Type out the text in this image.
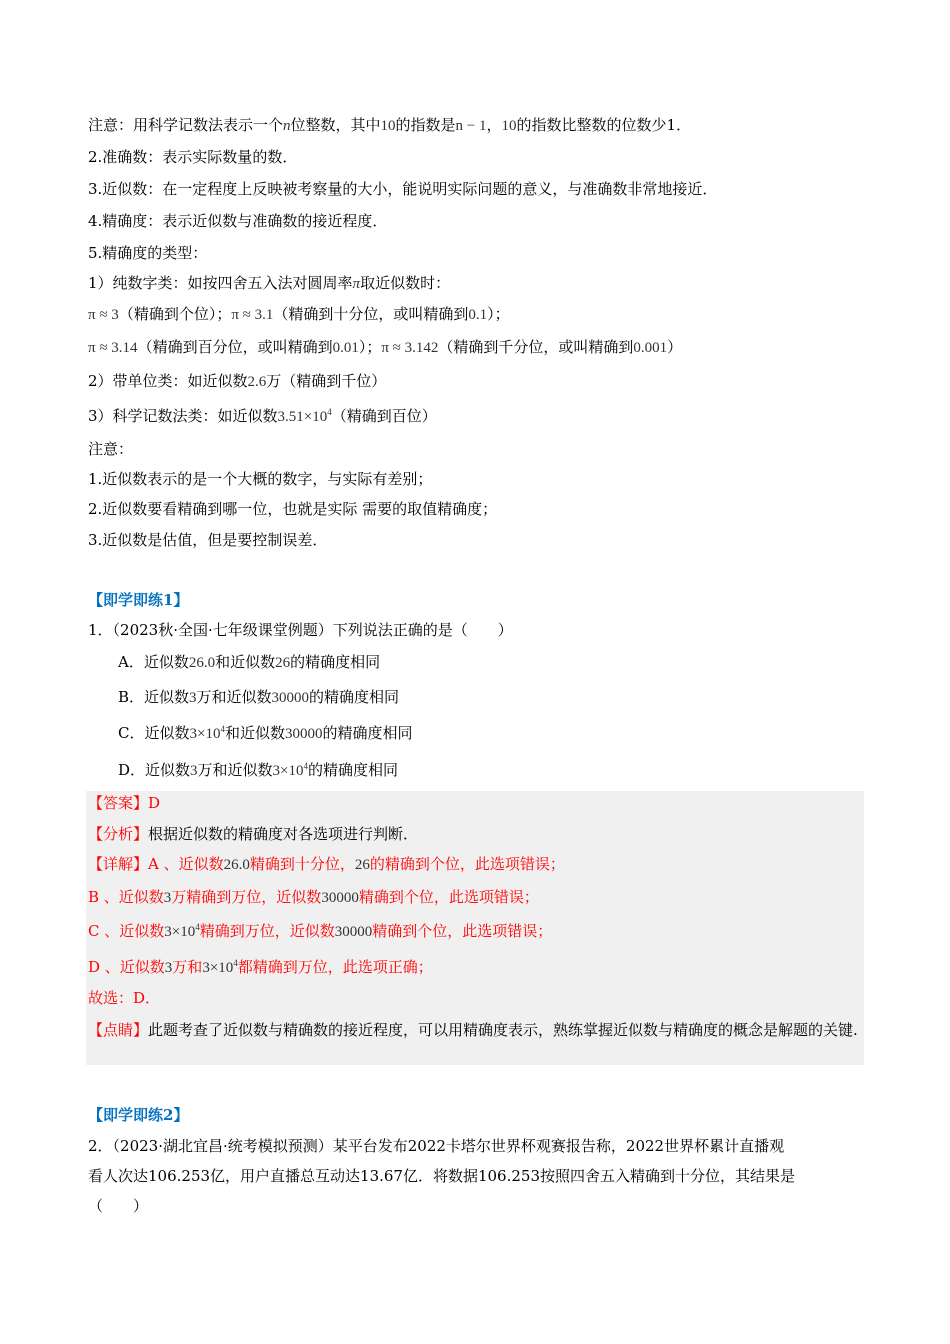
注意：用科学记数法表示一个n位整数，其中10的指数是n − 1，10的指数比整数的位数少1．
2.准确数：表示实际数量的数．
3.近似数：在一定程度上反映被考察量的大小，能说明实际问题的意义，与准确数非常地接近．
4.精确度：表示近似数与准确数的接近程度．
5.精确度的类型：
1）纯数字类：如按四舍五入法对圆周率π取近似数时：
π ≈ 3（精确到个位）；π ≈ 3.1（精确到十分位，或叫精确到0.1）；
π ≈ 3.14（精确到百分位，或叫精确到0.01）；π ≈ 3.142（精确到千分位，或叫精确到0.001）
2）带单位类：如近似数2.6万（精确到千位）
3）科学记数法类：如近似数$3.51\times 10^4$（精确到百位）
注意：
1.近似数表示的是一个大概的数字，与实际有差别；
2.近似数要看精确到哪一位，也就是实际 需要的取值精确度；
3.近似数是估值，但是要控制误差．
【即学即练1】
1．（2023秋·全国·七年级课堂例题）下列说法正确的是（　　）
A．近似数26.0和近似数26的精确度相同
B．近似数3万和近似数30000的精确度相同
C．近似数$3\times 10^4$和近似数30000的精确度相同
D．近似数3万和近似数$3\times 10^4$的精确度相同
【答案】D
【分析】根据近似数的精确度对各选项进行判断．
【详解】A 、近似数26.0精确到十分位，26的精确到个位，此选项错误；
B 、近似数3万精确到万位，近似数30000精确到个位，此选项错误；
C 、近似数$3\times 10^4$精确到万位，近似数30000精确到个位，此选项错误；
D 、近似数3万和$3\times 10^4$都精确到万位，此选项正确；
故选：D．
【点睛】此题考查了近似数与精确数的接近程度，可以用精确度表示，熟练掌握近似数与精确度的概念是解题的关键.
【即学即练2】
2．（2023·湖北宜昌·统考模拟预测）某平台发布2022卡塔尔世界杯观赛报告称，2022世界杯累计直播观
看人次达106.253亿，用户直播总互动达13.67亿．将数据106.253按照四舍五入精确到十分位，其结果是
（　　）
